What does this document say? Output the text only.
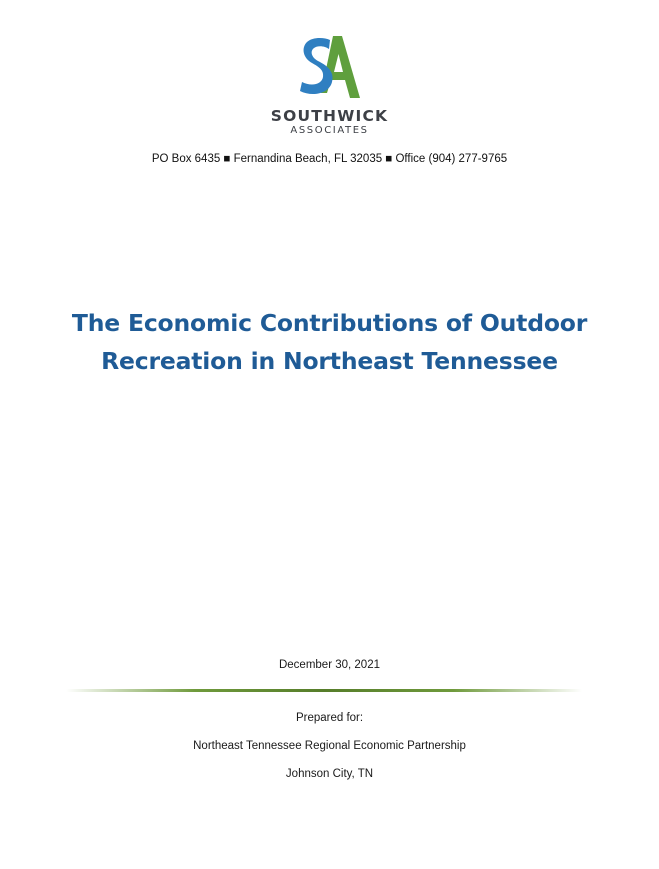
SOUTHWICK
ASSOCIATES
PO Box 6435 ■ Fernandina Beach, FL 32035 ■ Office (904) 277-9765
The Economic Contributions of Outdoor
Recreation in Northeast Tennessee
December 30, 2021
Prepared for:
Northeast Tennessee Regional Economic Partnership
Johnson City, TN
